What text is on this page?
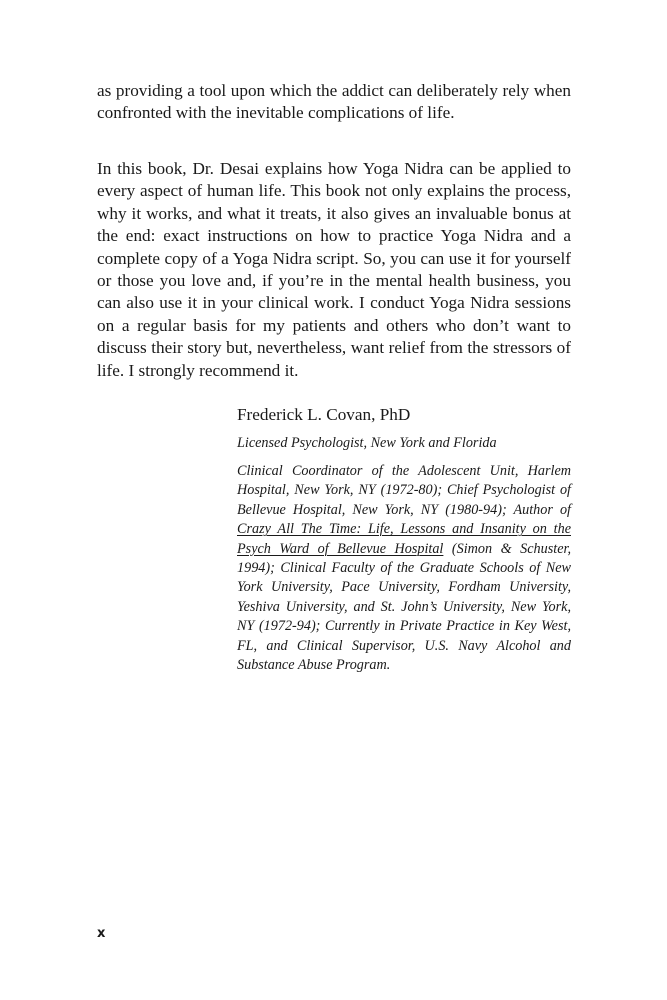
as providing a tool upon which the addict can deliberately rely when confronted with the inevitable complications of life.

In this book, Dr. Desai explains how Yoga Nidra can be applied to every aspect of human life. This book not only explains the process, why it works, and what it treats, it also gives an invaluable bonus at the end: exact instructions on how to practice Yoga Nidra and a complete copy of a Yoga Nidra script. So, you can use it for yourself or those you love and, if you’re in the mental health business, you can also use it in your clinical work. I conduct Yoga Nidra sessions on a regular basis for my patients and others who don’t want to discuss their story but, nevertheless, want relief from the stressors of life. I strongly recommend it.

Frederick L. Covan, PhD
Licensed Psychologist, New York and Florida

Clinical Coordinator of the Adolescent Unit, Harlem Hospital, New York, NY (1972-80); Chief Psychologist of Bellevue Hospital, New York, NY (1980-94); Author of Crazy All The Time: Life, Lessons and Insanity on the Psych Ward of Bellevue Hospital (Simon & Schuster, 1994); Clinical Faculty of the Graduate Schools of New York University, Pace University, Fordham University, Yeshiva University, and St. John’s University, New York, NY (1972-94); Currently in Private Practice in Key West, FL, and Clinical Supervisor, U.S. Navy Alcohol and Substance Abuse Program.

x
